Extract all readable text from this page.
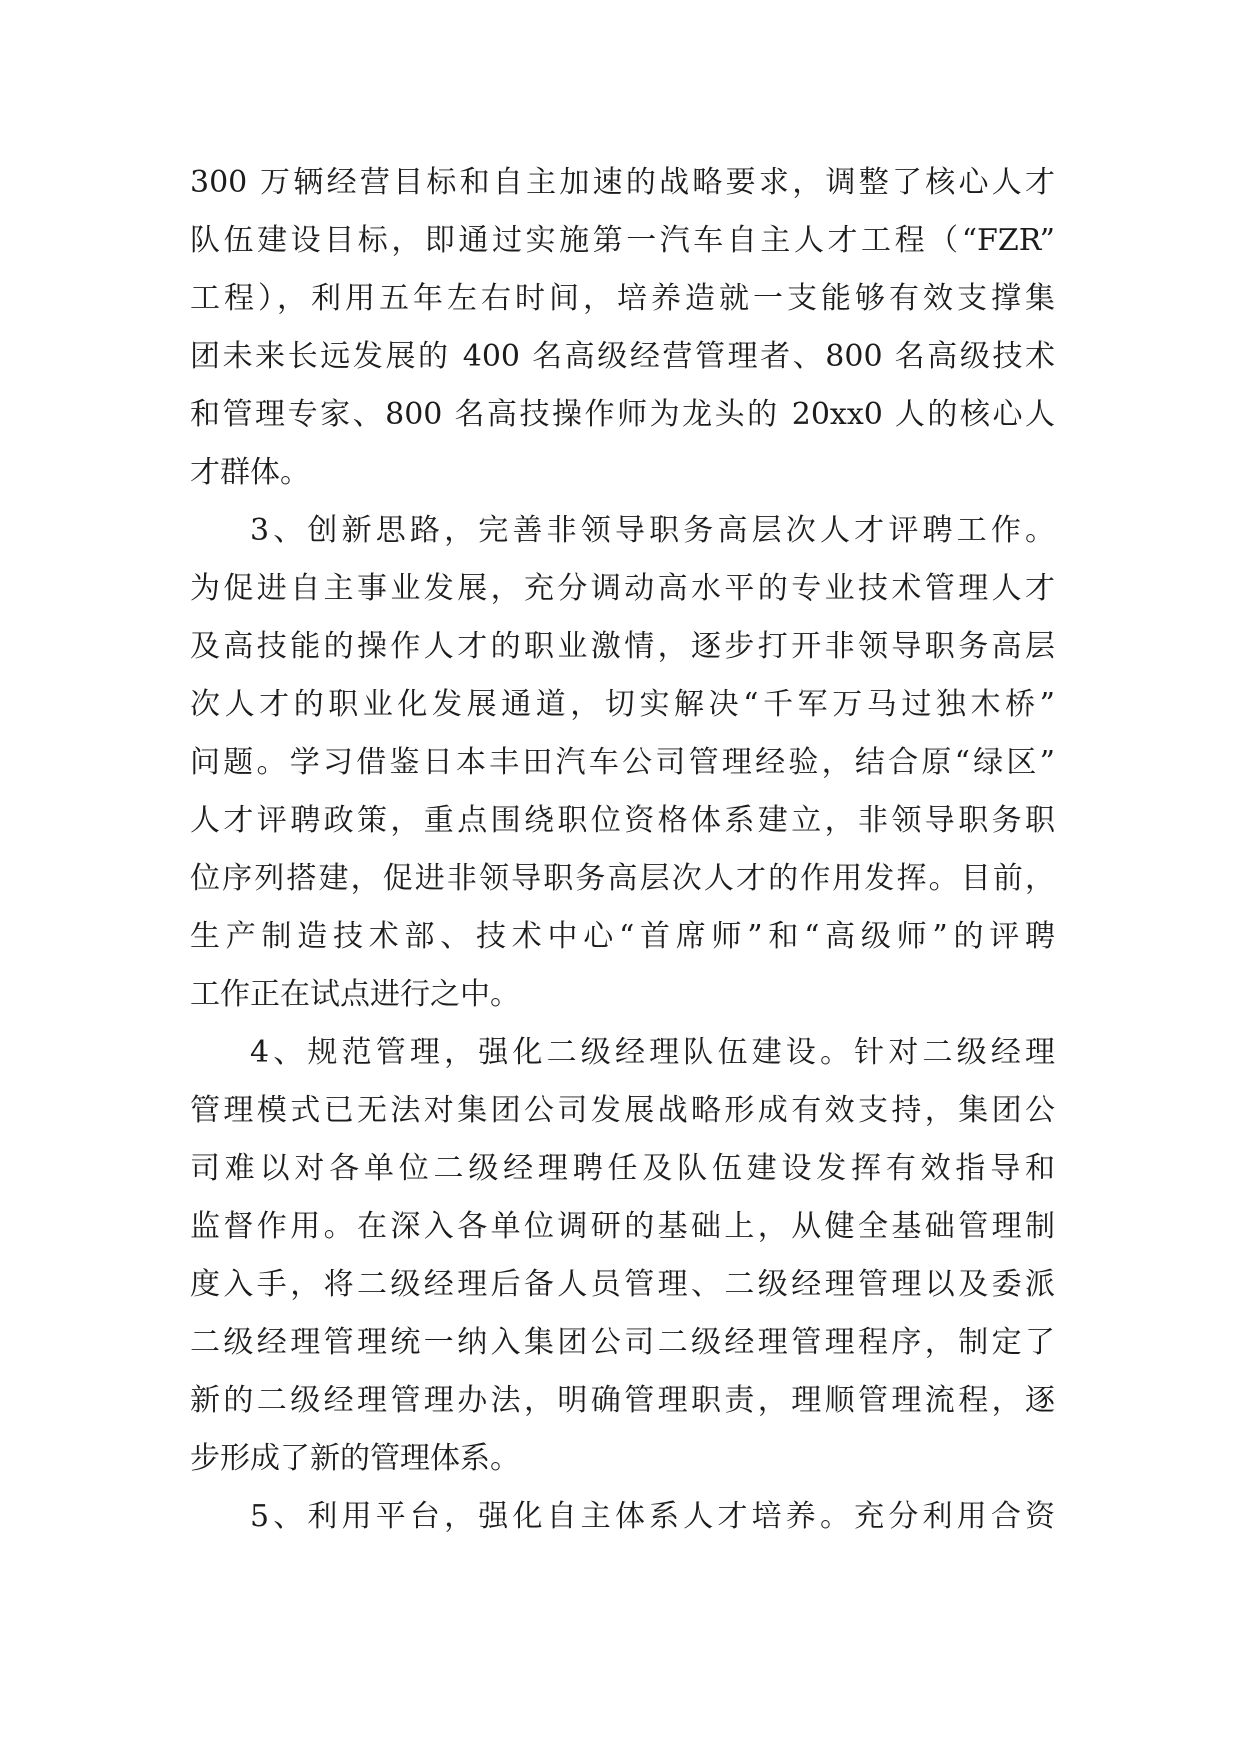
300 万辆经营目标和自主加速的战略要求，调整了核心人才
队伍建设目标，即通过实施第一汽车自主人才工程（“FZR”
工程），利用五年左右时间，培养造就一支能够有效支撑集
团未来长远发展的 400 名高级经营管理者、800 名高级技术
和管理专家、800 名高技操作师为龙头的 20xx0 人的核心人
才群体。
3、创新思路，完善非领导职务高层次人才评聘工作。
为促进自主事业发展，充分调动高水平的专业技术管理人才
及高技能的操作人才的职业激情，逐步打开非领导职务高层
次人才的职业化发展通道，切实解决“千军万马过独木桥”
问题。学习借鉴日本丰田汽车公司管理经验，结合原“绿区”
人才评聘政策，重点围绕职位资格体系建立，非领导职务职
位序列搭建，促进非领导职务高层次人才的作用发挥。目前，
生产制造技术部、技术中心“首席师”和“高级师”的评聘
工作正在试点进行之中。
4、规范管理，强化二级经理队伍建设。针对二级经理
管理模式已无法对集团公司发展战略形成有效支持，集团公
司难以对各单位二级经理聘任及队伍建设发挥有效指导和
监督作用。在深入各单位调研的基础上，从健全基础管理制
度入手，将二级经理后备人员管理、二级经理管理以及委派
二级经理管理统一纳入集团公司二级经理管理程序，制定了
新的二级经理管理办法，明确管理职责，理顺管理流程，逐
步形成了新的管理体系。
5、利用平台，强化自主体系人才培养。充分利用合资
